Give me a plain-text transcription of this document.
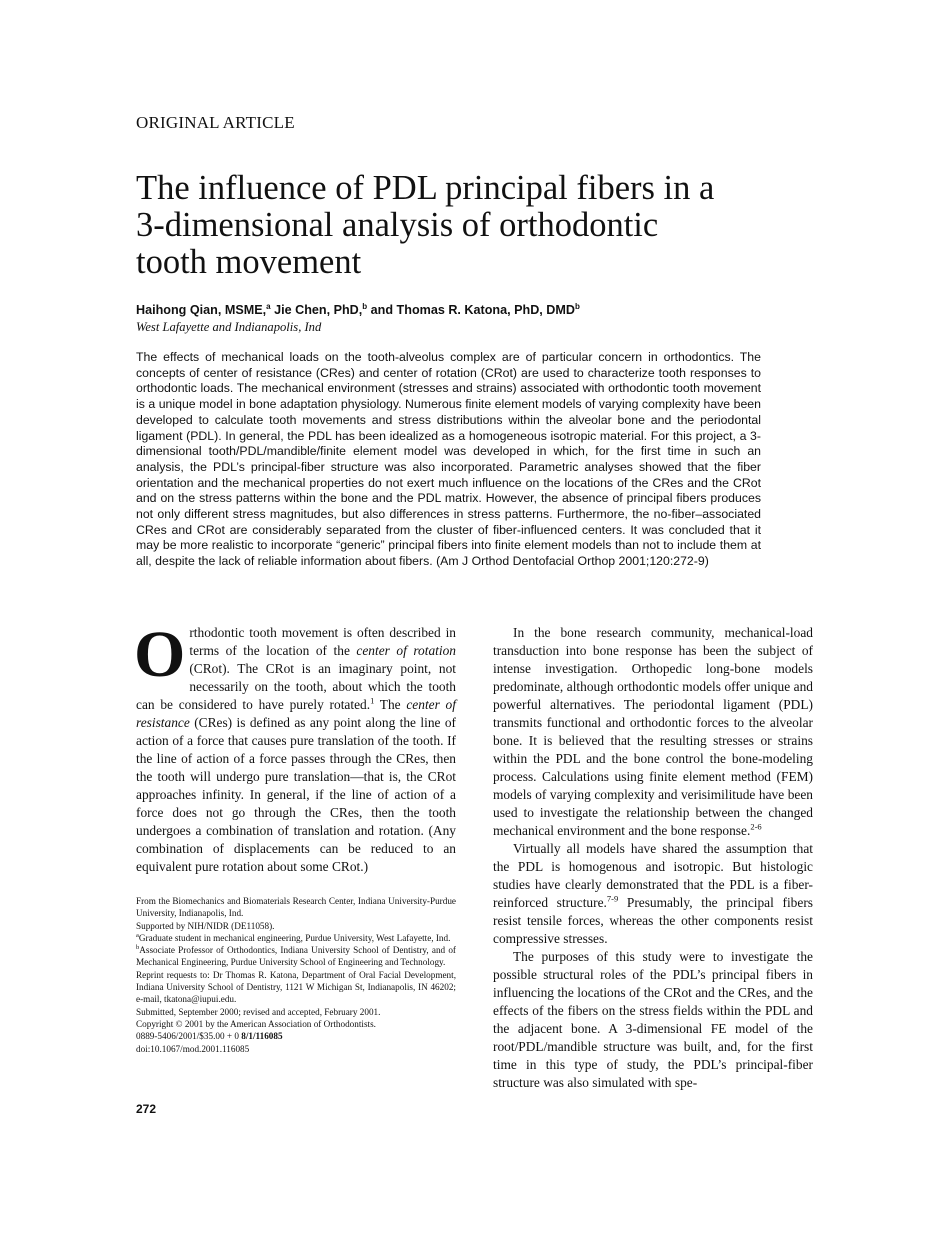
ORIGINAL ARTICLE
The influence of PDL principal fibers in a
3-dimensional analysis of orthodontic
tooth movement
Haihong Qian, MSME,$^a$ Jie Chen, PhD,$^b$ and Thomas R. Katona, PhD, DMD$^b$
West Lafayette and Indianapolis, Ind

The effects of mechanical loads on the tooth-alveolus complex are of particular concern in orthodontics. The concepts of center of resistance (CRes) and center of rotation (CRot) are used to characterize tooth responses to orthodontic loads. The mechanical environment (stresses and strains) associated with orthodontic tooth movement is a unique model in bone adaptation physiology. Numerous finite element models of varying complexity have been developed to calculate tooth movements and stress distributions within the alveolar bone and the periodontal ligament (PDL). In general, the PDL has been idealized as a homogeneous isotropic material. For this project, a 3-dimensional tooth/PDL/mandible/finite element model was developed in which, for the first time in such an analysis, the PDL’s principal-fiber structure was also incorporated. Parametric analyses showed that the fiber orientation and the mechanical properties do not exert much influence on the locations of the CRes and the CRot and on the stress patterns within the bone and the PDL matrix. However, the absence of principal fibers produces not only different stress magnitudes, but also differences in stress patterns. Furthermore, the no-fiber–associated CRes and CRot are considerably separated from the cluster of fiber-influenced centers. It was concluded that it may be more realistic to incorporate “generic” principal fibers into finite element models than not to include them at all, despite the lack of reliable information about fibers. (Am J Orthod Dentofacial Orthop 2001;120:272-9)

Orthodontic tooth movement is often described in terms of the location of the center of rotation (CRot). The CRot is an imaginary point, not necessarily on the tooth, about which the tooth can be considered to have purely rotated.$^1$ The center of resistance (CRes) is defined as any point along the line of action of a force that causes pure translation of the tooth. If the line of action of a force passes through the CRes, then the tooth will undergo pure translation—that is, the CRot approaches infinity. In general, if the line of action of a force does not go through the CRes, then the tooth undergoes a combination of translation and rotation. (Any combination of displacements can be reduced to an equivalent pure rotation about some CRot.)

From the Biomechanics and Biomaterials Research Center, Indiana University-Purdue University, Indianapolis, Ind.
Supported by NIH/NIDR (DE11058).
$^a$Graduate student in mechanical engineering, Purdue University, West Lafayette, Ind.
$^b$Associate Professor of Orthodontics, Indiana University School of Dentistry, and of Mechanical Engineering, Purdue University School of Engineering and Technology.
Reprint requests to: Dr Thomas R. Katona, Department of Oral Facial Development, Indiana University School of Dentistry, 1121 W Michigan St, Indianapolis, IN 46202; e-mail, tkatona@iupui.edu.
Submitted, September 2000; revised and accepted, February 2001.
Copyright © 2001 by the American Association of Orthodontists.
0889-5406/2001/$35.00 + 0 8/1/116085
doi:10.1067/mod.2001.116085
272

In the bone research community, mechanical-load transduction into bone response has been the subject of intense investigation. Orthopedic long-bone models predominate, although orthodontic models offer unique and powerful alternatives. The periodontal ligament (PDL) transmits functional and orthodontic forces to the alveolar bone. It is believed that the resulting stresses or strains within the PDL and the bone control the bone-modeling process. Calculations using finite element method (FEM) models of varying complexity and verisimilitude have been used to investigate the relationship between the changed mechanical environment and the bone response.$^{2-6}$

Virtually all models have shared the assumption that the PDL is homogenous and isotropic. But histologic studies have clearly demonstrated that the PDL is a fiber-reinforced structure.$^{7-9}$ Presumably, the principal fibers resist tensile forces, whereas the other components resist compressive stresses.

The purposes of this study were to investigate the possible structural roles of the PDL’s principal fibers in influencing the locations of the CRot and the CRes, and the effects of the fibers on the stress fields within the PDL and the adjacent bone. A 3-dimensional FE model of the root/PDL/mandible structure was built, and, for the first time in this type of study, the PDL’s principal-fiber structure was also simulated with spe-
